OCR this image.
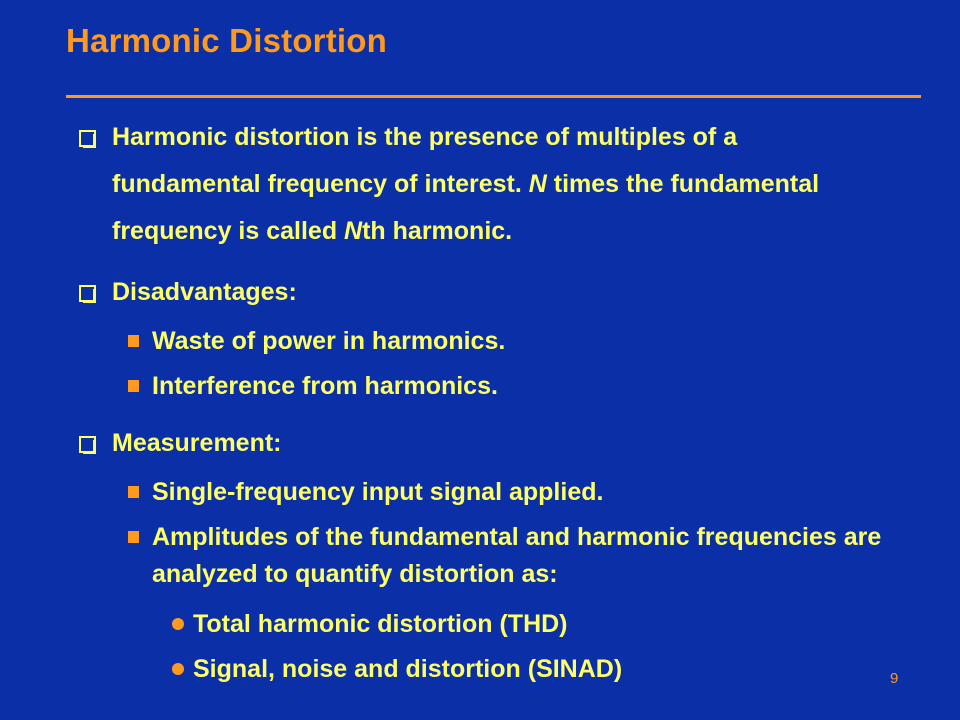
Harmonic Distortion
Harmonic distortion is the presence of multiples of a fundamental frequency of interest. N times the fundamental frequency is called Nth harmonic.
Disadvantages:
Waste of power in harmonics.
Interference from harmonics.
Measurement:
Single-frequency input signal applied.
Amplitudes of the fundamental and harmonic frequencies are analyzed to quantify distortion as:
Total harmonic distortion (THD)
Signal, noise and distortion (SINAD)	9
